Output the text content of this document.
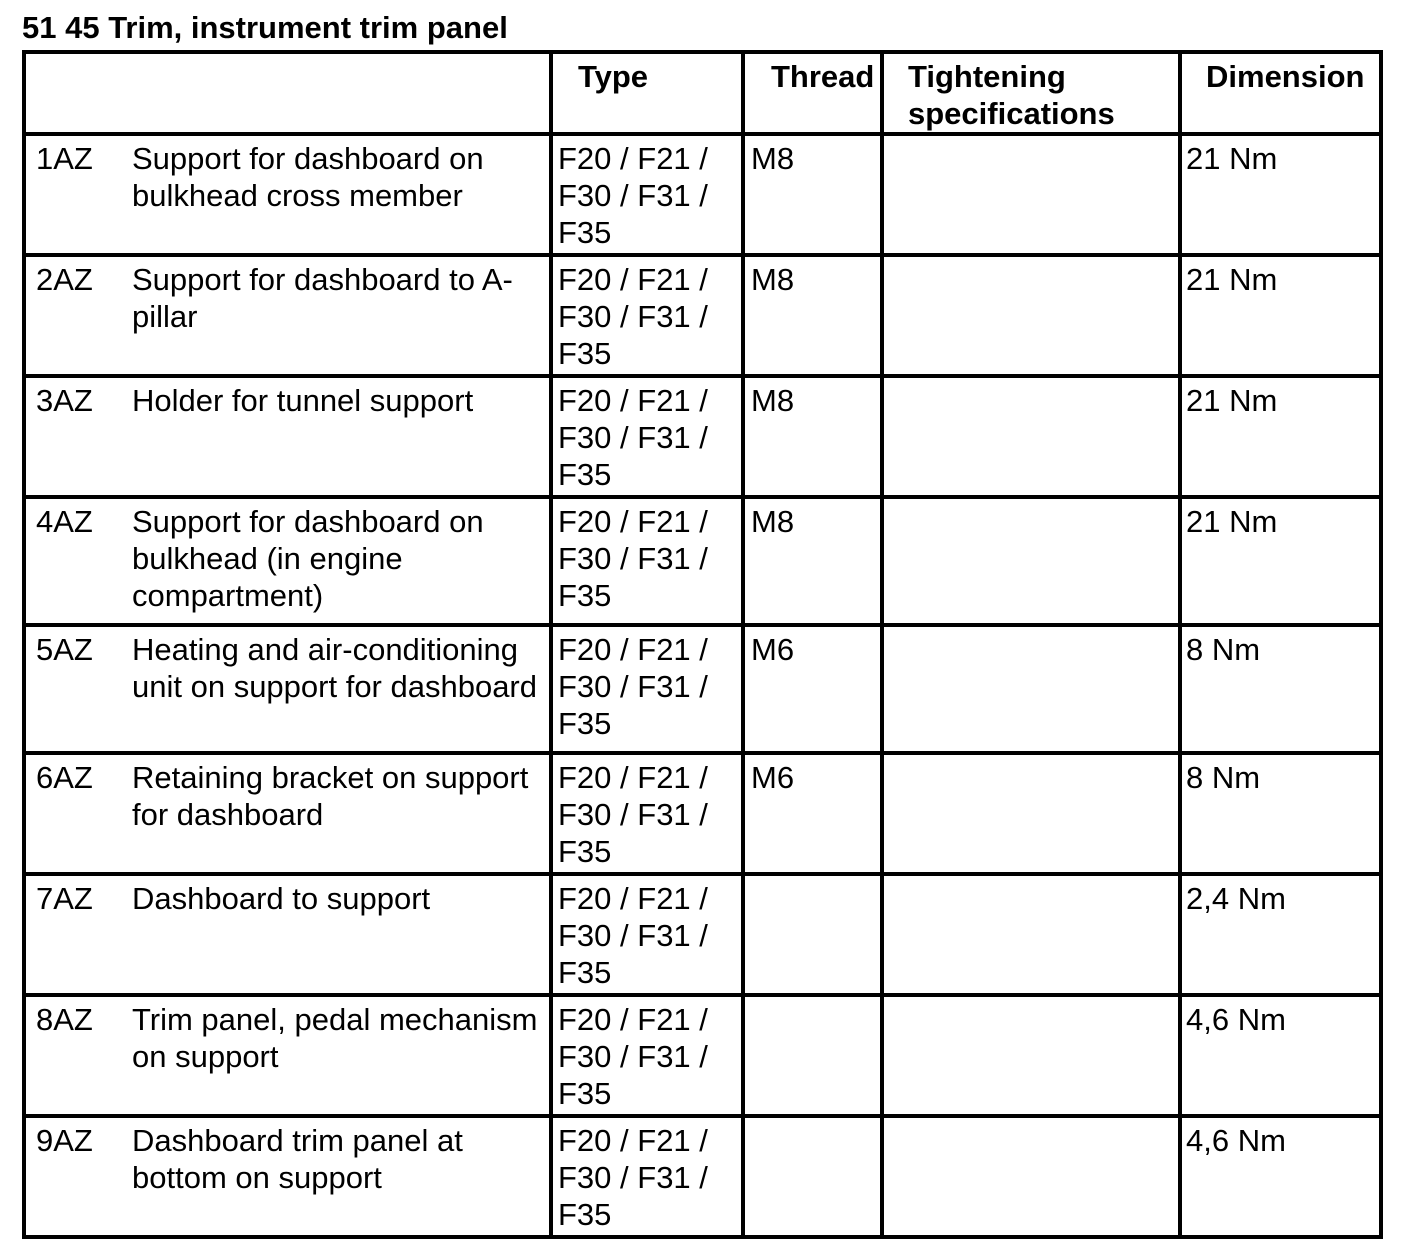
51 45 Trim, instrument trim panel
	Type	Thread	Tightening specifications	Dimension

1AZ Support for dashboard on bulkhead cross member	F20 / F21 / F30 / F31 / F35	M8		21 Nm

2AZ Support for dashboard to A-pillar	F20 / F21 / F30 / F31 / F35	M8		21 Nm

3AZ Holder for tunnel support	F20 / F21 / F30 / F31 / F35	M8		21 Nm

4AZ Support for dashboard on bulkhead (in engine compartment)	F20 / F21 / F30 / F31 / F35	M8		21 Nm

5AZ Heating and air-conditioning unit on support for dashboard	F20 / F21 / F30 / F31 / F35	M6		8 Nm

6AZ Retaining bracket on support for dashboard	F20 / F21 / F30 / F31 / F35	M6		8 Nm

7AZ Dashboard to support	F20 / F21 / F30 / F31 / F35			2,4 Nm

8AZ Trim panel, pedal mechanism on support	F20 / F21 / F30 / F31 / F35			4,6 Nm

9AZ Dashboard trim panel at bottom on support	F20 / F21 / F30 / F31 / F35			4,6 Nm
